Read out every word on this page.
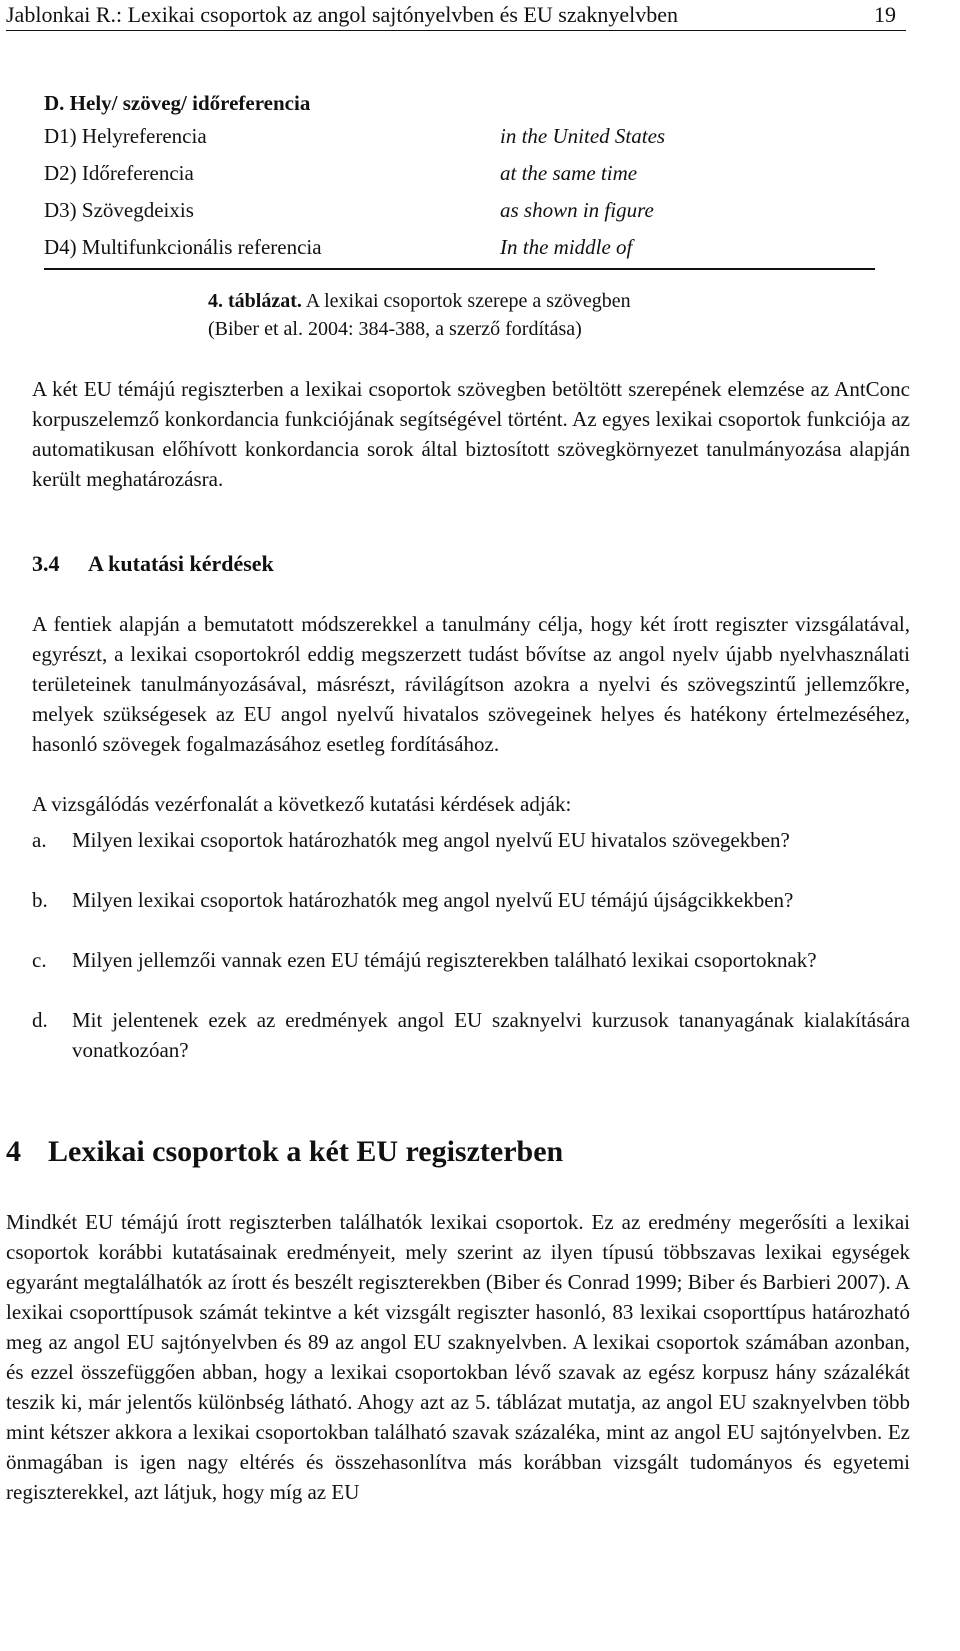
Jablonkai R.: Lexikai csoportok az angol sajtónyelvben és EU szaknyelvben	19
D. Hely/ szöveg/ időreferencia
D1) Helyreferencia	in the United States
D2) Időreferencia	at the same time
D3) Szövegdeixis	as shown in figure
D4) Multifunkcionális referencia	In the middle of
4. táblázat. A lexikai csoportok szerepe a szövegben
(Biber et al. 2004: 384-388, a szerző fordítása)

A két EU témájú regiszterben a lexikai csoportok szövegben betöltött szerepének elemzése az AntConc korpuszelemző konkordancia funkciójának segítségével történt. Az egyes lexikai csoportok funkciója az automatikusan előhívott konkordancia sorok által biztosított szövegkörnyezet tanulmányozása alapján került meghatározásra.

3.4 A kutatási kérdések

A fentiek alapján a bemutatott módszerekkel a tanulmány célja, hogy két írott regiszter vizsgálatával, egyrészt, a lexikai csoportokról eddig megszerzett tudást bővítse az angol nyelv újabb nyelvhasználati területeinek tanulmányozásával, másrészt, rávilágítson azokra a nyelvi és szövegszintű jellemzőkre, melyek szükségesek az EU angol nyelvű hivatalos szövegeinek helyes és hatékony értelmezéséhez, hasonló szövegek fogalmazásához esetleg fordításához.

A vizsgálódás vezérfonalát a következő kutatási kérdések adják:

a. Milyen lexikai csoportok határozhatók meg angol nyelvű EU hivatalos szövegekben?
b. Milyen lexikai csoportok határozhatók meg angol nyelvű EU témájú újságcikkekben?
c. Milyen jellemzői vannak ezen EU témájú regiszterekben található lexikai csoportoknak?
d. Mit jelentenek ezek az eredmények angol EU szaknyelvi kurzusok tananyagának kialakítására vonatkozóan?
4 Lexikai csoportok a két EU regiszterben

Mindkét EU témájú írott regiszterben találhatók lexikai csoportok. Ez az eredmény megerősíti a lexikai csoportok korábbi kutatásainak eredményeit, mely szerint az ilyen típusú többszavas lexikai egységek egyaránt megtalálhatók az írott és beszélt regiszterekben (Biber és Conrad 1999; Biber és Barbieri 2007). A lexikai csoporttípusok számát tekintve a két vizsgált regiszter hasonló, 83 lexikai csoporttípus határozható meg az angol EU sajtónyelvben és 89 az angol EU szaknyelvben. A lexikai csoportok számában azonban, és ezzel összefüggően abban, hogy a lexikai csoportokban lévő szavak az egész korpusz hány százalékát teszik ki, már jelentős különbség látható. Ahogy azt az 5. táblázat mutatja, az angol EU szaknyelvben több mint kétszer akkora a lexikai csoportokban található szavak százaléka, mint az angol EU sajtónyelvben. Ez önmagában is igen nagy eltérés és összehasonlítva más korábban vizsgált tudományos és egyetemi regiszterekkel, azt látjuk, hogy míg az EU
